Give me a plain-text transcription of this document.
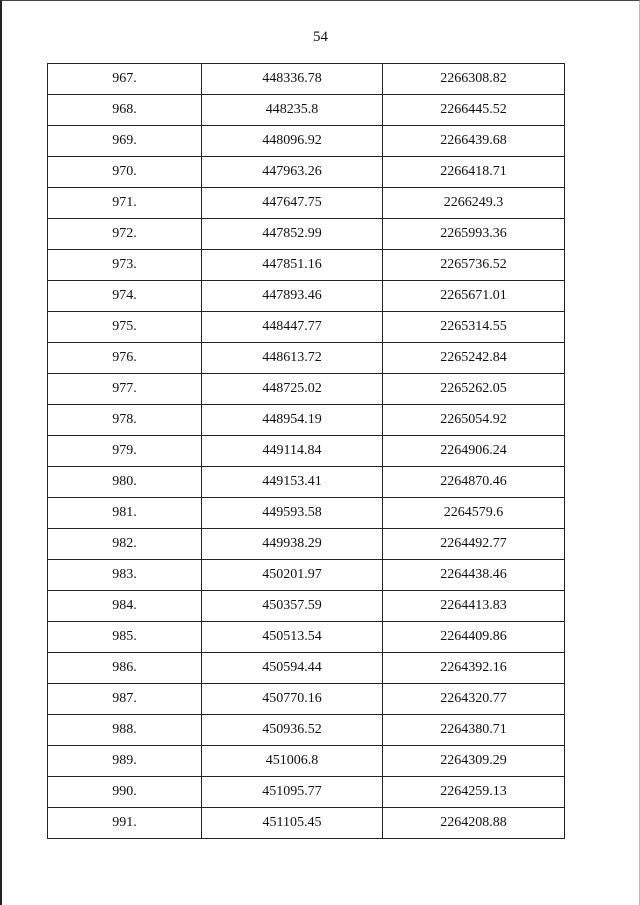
54
967.	448336.78	2266308.82
968.	448235.8	2266445.52
969.	448096.92	2266439.68
970.	447963.26	2266418.71
971.	447647.75	2266249.3
972.	447852.99	2265993.36
973.	447851.16	2265736.52
974.	447893.46	2265671.01
975.	448447.77	2265314.55
976.	448613.72	2265242.84
977.	448725.02	2265262.05
978.	448954.19	2265054.92
979.	449114.84	2264906.24
980.	449153.41	2264870.46
981.	449593.58	2264579.6
982.	449938.29	2264492.77
983.	450201.97	2264438.46
984.	450357.59	2264413.83
985.	450513.54	2264409.86
986.	450594.44	2264392.16
987.	450770.16	2264320.77
988.	450936.52	2264380.71
989.	451006.8	2264309.29
990.	451095.77	2264259.13
991.	451105.45	2264208.88
